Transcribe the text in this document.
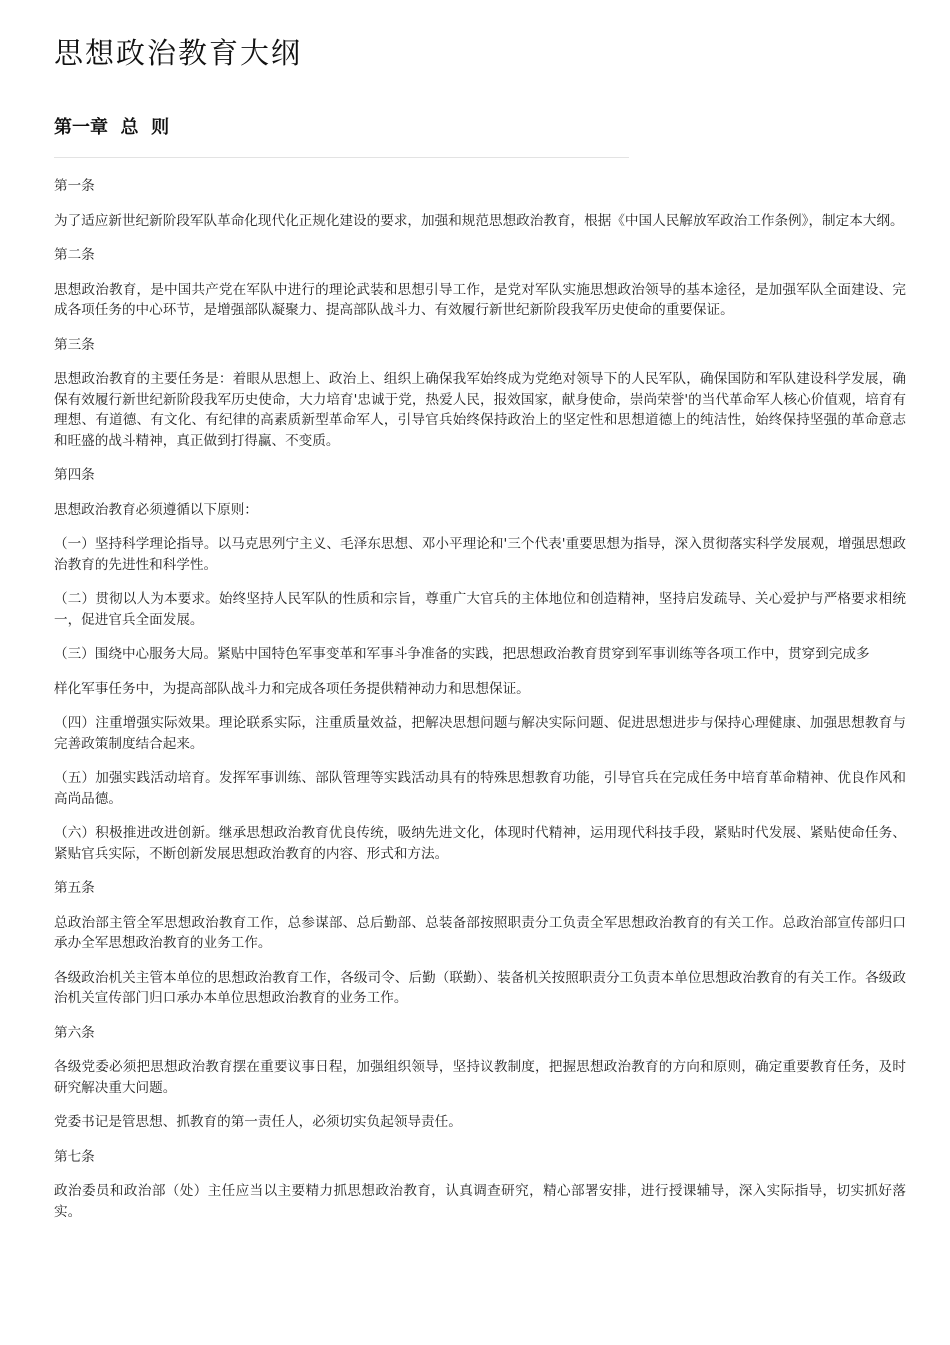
思想政治教育大纲
第一章  总  则

第一条

为了适应新世纪新阶段军队革命化现代化正规化建设的要求，加强和规范思想政治教育，根据《中国人民解放军政治工作条例》，制定本大纲。

第二条

思想政治教育，是中国共产党在军队中进行的理论武装和思想引导工作，是党对军队实施思想政治领导的基本途径，是加强军队全面建设、完成各项任务的中心环节，是增强部队凝聚力、提高部队战斗力、有效履行新世纪新阶段我军历史使命的重要保证。

第三条

思想政治教育的主要任务是：着眼从思想上、政治上、组织上确保我军始终成为党绝对领导下的人民军队，确保国防和军队建设科学发展，确保有效履行新世纪新阶段我军历史使命，大力培育'忠诚于党，热爱人民，报效国家，献身使命，崇尚荣誉'的当代革命军人核心价值观，培育有理想、有道德、有文化、有纪律的高素质新型革命军人，引导官兵始终保持政治上的坚定性和思想道德上的纯洁性，始终保持坚强的革命意志和旺盛的战斗精神，真正做到打得赢、不变质。

第四条

思想政治教育必须遵循以下原则：

（一）坚持科学理论指导。以马克思列宁主义、毛泽东思想、邓小平理论和'三个代表'重要思想为指导，深入贯彻落实科学发展观，增强思想政治教育的先进性和科学性。

（二）贯彻以人为本要求。始终坚持人民军队的性质和宗旨，尊重广大官兵的主体地位和创造精神，坚持启发疏导、关心爱护与严格要求相统一，促进官兵全面发展。

（三）围绕中心服务大局。紧贴中国特色军事变革和军事斗争准备的实践，把思想政治教育贯穿到军事训练等各项工作中，贯穿到完成多

样化军事任务中，为提高部队战斗力和完成各项任务提供精神动力和思想保证。

（四）注重增强实际效果。理论联系实际，注重质量效益，把解决思想问题与解决实际问题、促进思想进步与保持心理健康、加强思想教育与完善政策制度结合起来。

（五）加强实践活动培育。发挥军事训练、部队管理等实践活动具有的特殊思想教育功能，引导官兵在完成任务中培育革命精神、优良作风和高尚品德。

（六）积极推进改进创新。继承思想政治教育优良传统，吸纳先进文化，体现时代精神，运用现代科技手段，紧贴时代发展、紧贴使命任务、紧贴官兵实际，不断创新发展思想政治教育的内容、形式和方法。

第五条

总政治部主管全军思想政治教育工作，总参谋部、总后勤部、总装备部按照职责分工负责全军思想政治教育的有关工作。总政治部宣传部归口承办全军思想政治教育的业务工作。

各级政治机关主管本单位的思想政治教育工作，各级司令、后勤（联勤）、装备机关按照职责分工负责本单位思想政治教育的有关工作。各级政治机关宣传部门归口承办本单位思想政治教育的业务工作。

第六条

各级党委必须把思想政治教育摆在重要议事日程，加强组织领导，坚持议教制度，把握思想政治教育的方向和原则，确定重要教育任务，及时研究解决重大问题。

党委书记是管思想、抓教育的第一责任人，必须切实负起领导责任。

第七条

政治委员和政治部（处）主任应当以主要精力抓思想政治教育，认真调查研究，精心部署安排，进行授课辅导，深入实际指导，切实抓好落实。
